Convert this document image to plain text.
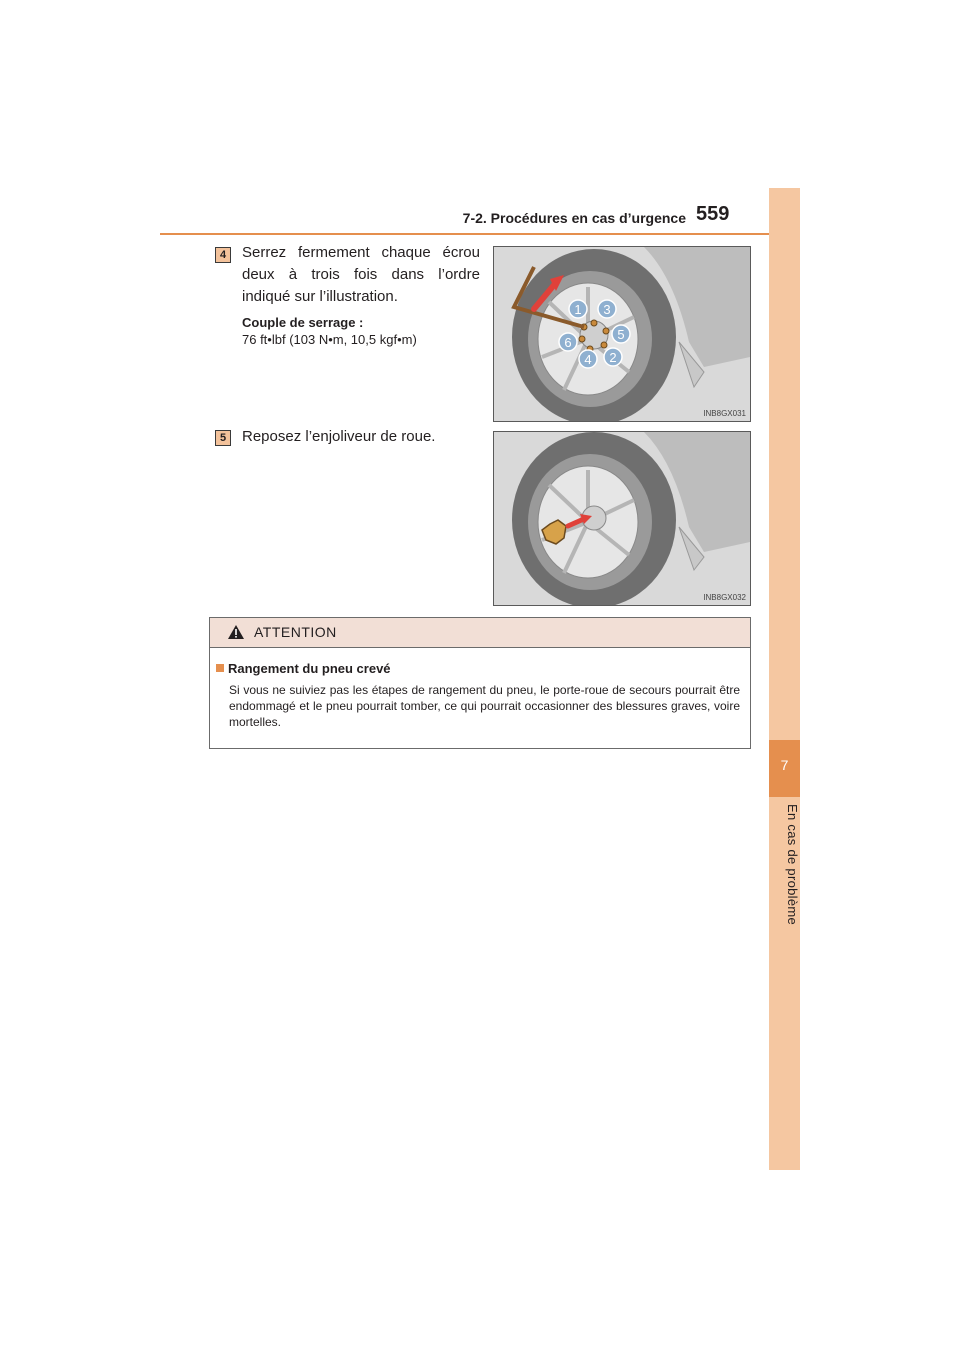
7-2. Procédures en cas d’urgence 559
7
En cas de problème
4	Serrez fermement chaque écrou deux à trois fois dans l’ordre indiqué sur l’illustration.
Couple de serrage :
76 ft•lbf (103 N•m, 10,5 kgf•m)
1 3
5
2
4
6
INB8GX031
5	Reposez l’enjoliveur de roue.
INB8GX032
ATTENTION
Rangement du pneu crevé
Si vous ne suiviez pas les étapes de rangement du pneu, le porte-roue de secours pourrait être endommagé et le pneu pourrait tomber, ce qui pourrait occasionner des blessures graves, voire mortelles.
